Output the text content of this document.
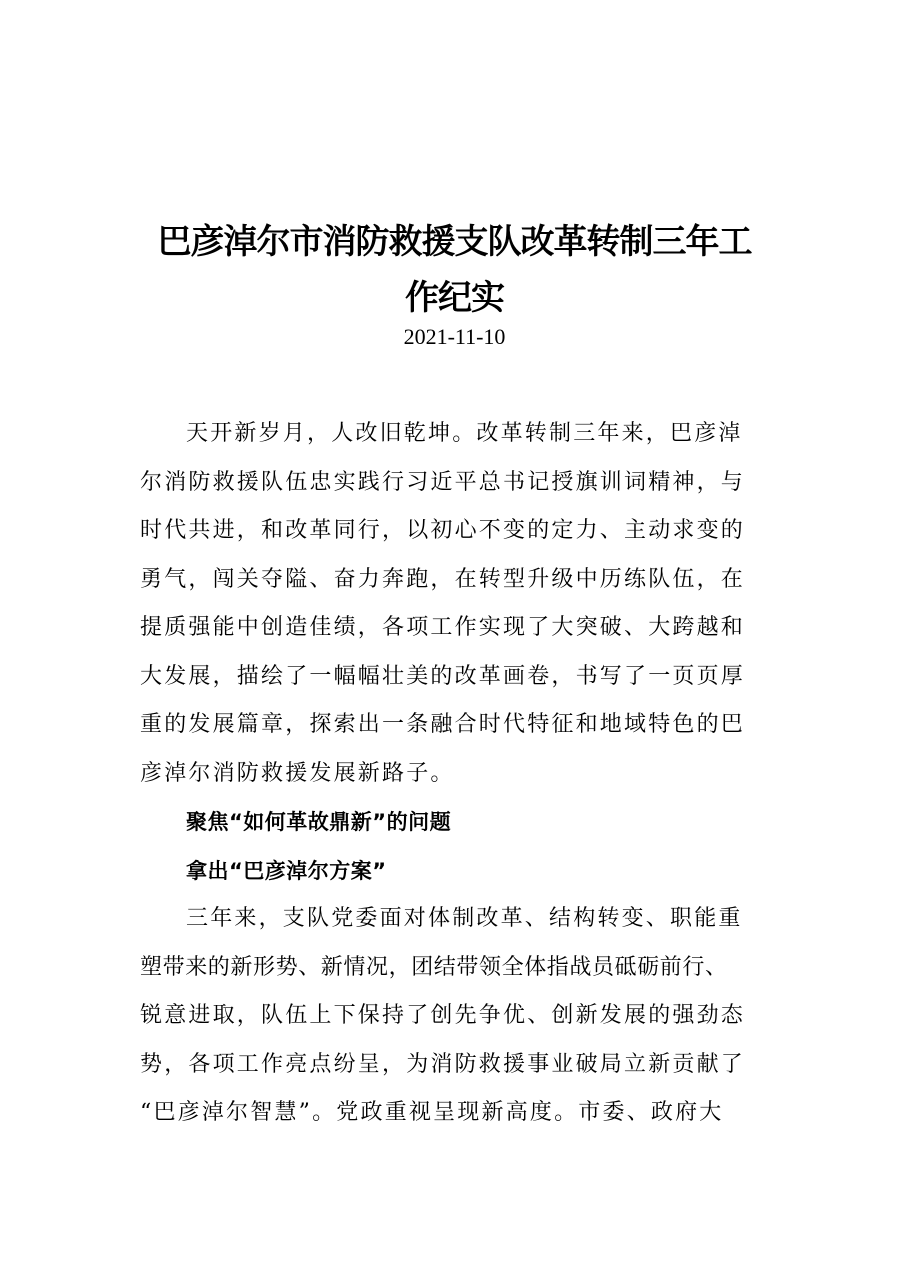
巴彦淖尔市消防救援支队改革转制三年工
作纪实
2021-11-10

天开新岁月，人改旧乾坤。改革转制三年来，巴彦淖
尔消防救援队伍忠实践行习近平总书记授旗训词精神，与
时代共进，和改革同行，以初心不变的定力、主动求变的
勇气，闯关夺隘、奋力奔跑，在转型升级中历练队伍，在
提质强能中创造佳绩，各项工作实现了大突破、大跨越和
大发展，描绘了一幅幅壮美的改革画卷，书写了一页页厚
重的发展篇章，探索出一条融合时代特征和地域特色的巴
彦淖尔消防救援发展新路子。

聚焦“如何革故鼎新”的问题

拿出“巴彦淖尔方案”

三年来，支队党委面对体制改革、结构转变、职能重
塑带来的新形势、新情况，团结带领全体指战员砥砺前行、
锐意进取，队伍上下保持了创先争优、创新发展的强劲态
势，各项工作亮点纷呈，为消防救援事业破局立新贡献了
“巴彦淖尔智慧”。党政重视呈现新高度。市委、政府大
